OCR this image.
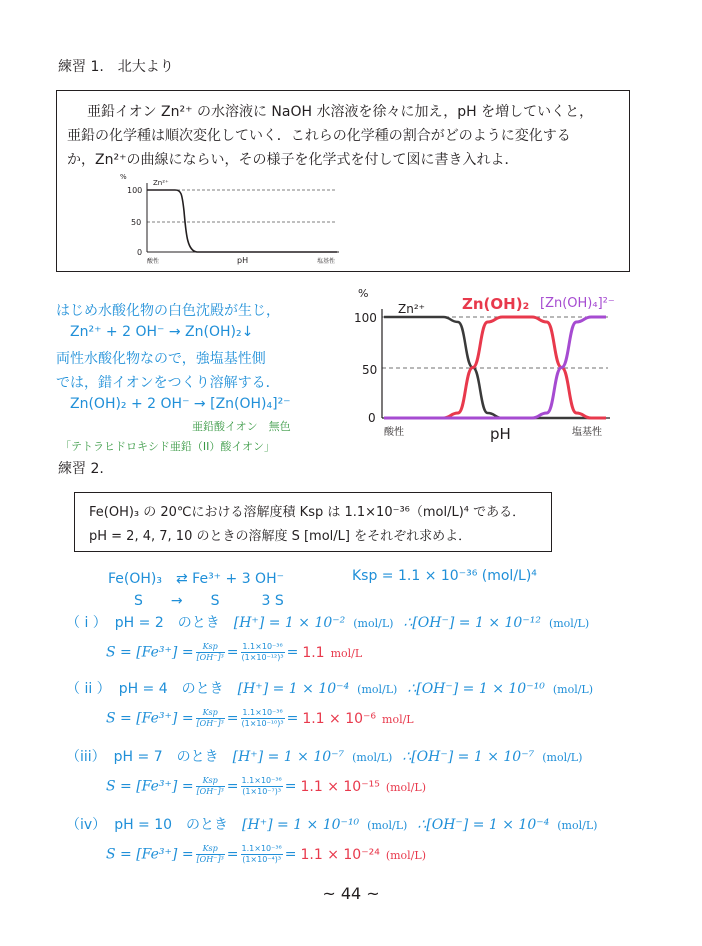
練習 1.　北大より
亜鉛イオン Zn²⁺ の水溶液に NaOH 水溶液を徐々に加え，pH を増していくと，
亜鉛の化学種は順次変化していく．これらの化学種の割合がどのように変化する
か，Zn²⁺の曲線にならい，その様子を化学式を付して図に書き入れよ．
%
100
50
0
Zn²⁺
酸性	pH	塩基性
はじめ水酸化物の白色沈殿が生じ，
Zn²⁺ + 2 OH⁻ → Zn(OH)₂↓
両性水酸化物なので，強塩基性側
では，錯イオンをつくり溶解する．
Zn(OH)₂ + 2 OH⁻ → [Zn(OH)₄]²⁻
亜鉛酸イオン　無色
「テトラヒドロキシド亜鉛（II）酸イオン」
%
100
50
0
Zn²⁺ Zn(OH)₂ [Zn(OH)₄]²⁻
酸性	pH	塩基性
練習 2.
Fe(OH)₃ の 20℃における溶解度積 Ksp は 1.1×10⁻³⁶（mol/L)⁴ である．
pH = 2, 4, 7, 10 のときの溶解度 S [mol/L] をそれぞれ求めよ．
Fe(OH)₃　⇄ Fe³⁺ + 3 OH⁻	Ksp = 1.1 × 10⁻³⁶ (mol/L)⁴
S　　→　　S　　　3 S
（ i ） pH = 2　のとき [H⁺] = 1 × 10⁻² (mol/L) ∴[OH⁻] = 1 × 10⁻¹² (mol/L)
$S = [Fe^{3+}] = \frac{\text{Ksp}}{\text{[OH⁻]³}} = \frac{\text{1.1×10⁻³⁶}}{\text{(1×10⁻¹²)³}} = 1.1$ mol/L
（ ii ） pH = 4　のとき [H⁺] = 1 × 10⁻⁴ (mol/L) ∴[OH⁻] = 1 × 10⁻¹⁰ (mol/L)
$S = [Fe^{3+}] = \frac{\text{Ksp}}{\text{[OH⁻]³}} = \frac{\text{1.1×10⁻³⁶}}{\text{(1×10⁻¹⁰)³}} = 1.1 \times 10^{-6}$ mol/L
（iii） pH = 7　のとき [H⁺] = 1 × 10⁻⁷ (mol/L) ∴[OH⁻] = 1 × 10⁻⁷ (mol/L)
$S = [Fe^{3+}] = \frac{\text{Ksp}}{\text{[OH⁻]³}} = \frac{\text{1.1×10⁻³⁶}}{\text{(1×10⁻⁷)³}} = 1.1 \times 10^{-15}$ (mol/L)
（iv） pH = 10　のとき [H⁺] = 1 × 10⁻¹⁰ (mol/L) ∴[OH⁻] = 1 × 10⁻⁴ (mol/L)
$S = [Fe^{3+}] = \frac{\text{Ksp}}{\text{[OH⁻]³}} = \frac{\text{1.1×10⁻³⁶}}{\text{(1×10⁻⁴)³}} = 1.1 \times 10^{-24}$ (mol/L)
~ 44 ~
